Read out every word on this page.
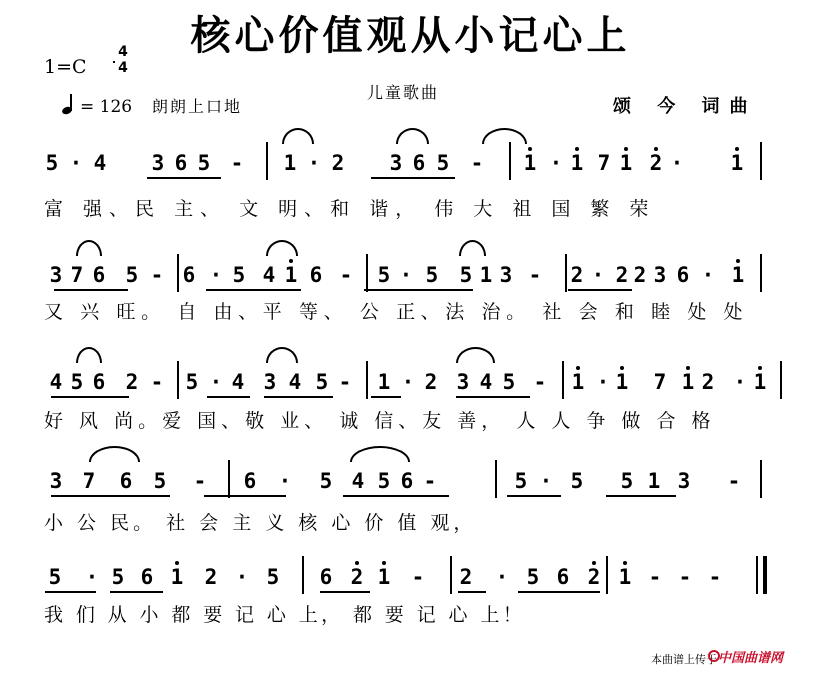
核心价值观从小记心上
1=C
4
4
= 126 朗朗上口地
儿童歌曲
颂 今 词曲
5 · 4 3 6 5 - 1 · 2 3 6 5 - 1 · 1 7 1 2 · 1
富 强、民 主、 文 明、和 谐， 伟 大 祖 国 繁 荣
3 7 6 5 - 6 · 5 4 1 6 - 5 · 5 5 1 3 - 2 · 2 2 3 6 · 1
又 兴 旺。 自 由、平 等、 公 正、法 治。 社 会 和 睦 处 处
4 5 6 2 - 5 · 4 3 4 5 - 1 · 2 3 4 5 - 1 · 1 7 1 2 · 1
好 风 尚。爱 国、敬 业、 诚 信、友 善， 人 人 争 做 合 格
3 7 6 5 - 6 · 5 4 5 6 -	5 · 5 5 1 3 -
小 公 民。 社 会 主 义 核 心 价 值 观，
5 · 5 6 1 2 · 5 6 2 1 - 2 · 5 6 2 1 - - -
我 们 从 小 都 要 记 心 上， 都 要 记 心 上！
本曲谱上传于 中国曲谱网
